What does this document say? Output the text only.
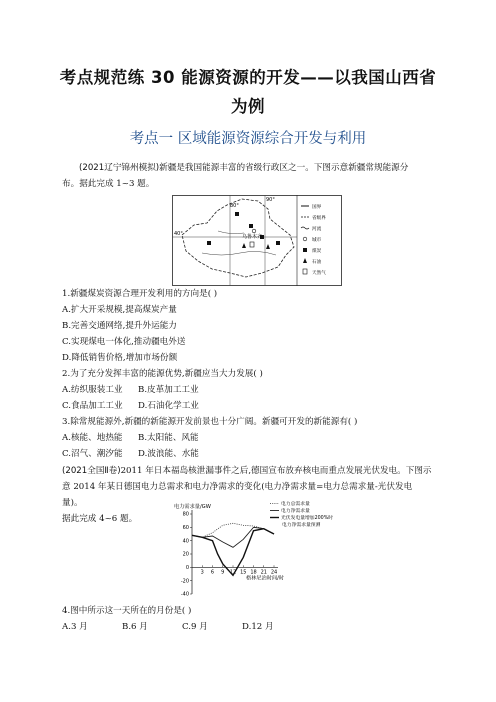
考点规范练 30 能源资源的开发——以我国山西省
为例
考点一 区域能源资源综合开发与利用
(2021辽宁锦州模拟)新疆是我国能源丰富的省级行政区之一。下图示意新疆常规能源分
布。据此完成 1~3 题。
80°
90°
40°	乌鲁木齐
国界
省级界
河流
城市
煤炭
石油
天然气
1.新疆煤炭资源合理开发利用的方向是( )
A.扩大开采规模,提高煤炭产量
B.完善交通网络,提升外运能力
C.实现煤电一体化,推动疆电外送
D.降低销售价格,增加市场份额
2.为了充分发挥丰富的能源优势,新疆应当大力发展( )
A.纺织服装工业 B.皮革加工工业
C.食品加工工业 D.石油化学工业
3.除常规能源外,新疆的新能源开发前景也十分广阔。新疆可开发的新能源有( )
A.核能、地热能 B.太阳能、风能
C.沼气、潮汐能 D.波浪能、水能
(2021全国Ⅱ卷)2011 年日本福岛核泄漏事件之后,德国宣布放弃核电而重点发展光伏发电。下图示
意 2014 年某日德国电力总需求和电力净需求的变化(电力净需求量=电力总需求量-光伏发电量)。
据此完成 4~6 题。	80
60
40
20
0
-20
-40
3 6 9 12 15 18 21 24
电力需求量/GW
格林尼治时间/时
电力总需求量
电力净需求量
光伏发电量增加200%时
电力净需求量预测
4.图中所示这一天所在的月份是( )
A.3 月	B.6 月	C.9 月	D.12 月
